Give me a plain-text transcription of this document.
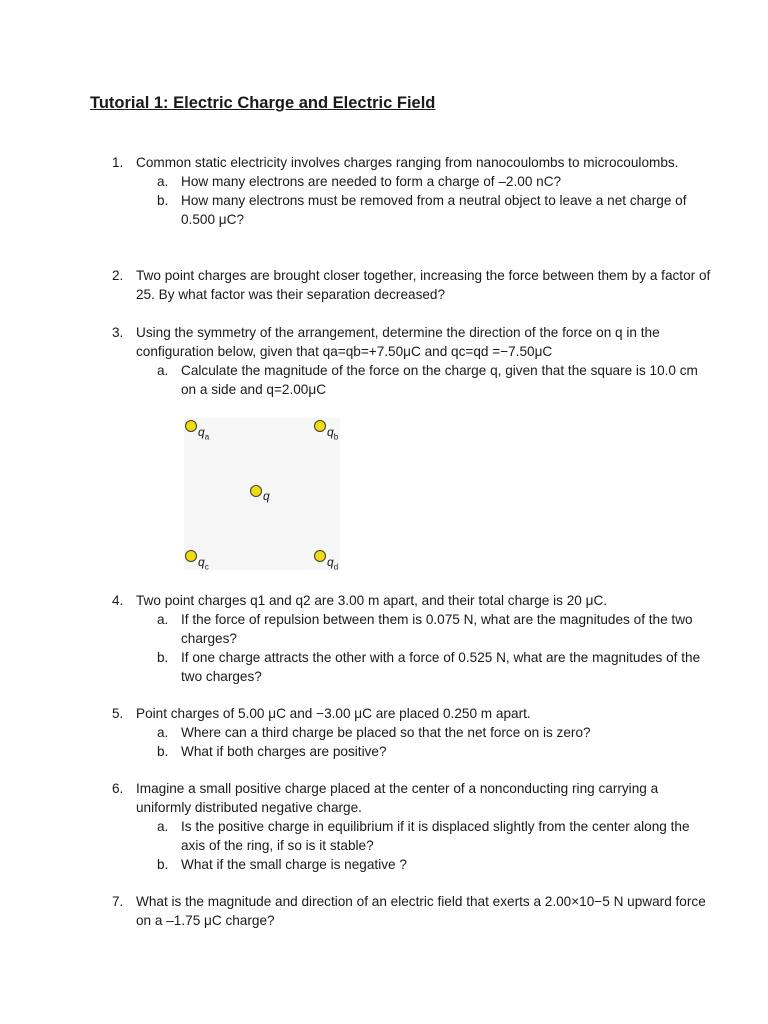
Tutorial 1: Electric Charge and Electric Field
1. Common static electricity involves charges ranging from nanocoulombs to microcoulombs.
a. How many electrons are needed to form a charge of –2.00 nC?
b. How many electrons must be removed from a neutral object to leave a net charge of 0.500 μC?
2. Two point charges are brought closer together, increasing the force between them by a factor of 25. By what factor was their separation decreased?
3. Using the symmetry of the arrangement, determine the direction of the force on q in the configuration below, given that qa=qb=+7.50μC and qc=qd =−7.50μC
a. Calculate the magnitude of the force on the charge q, given that the square is 10.0 cm on a side and q=2.00μC
$q_a$	$q_b$
q
$q_c$	$q_d$
4. Two point charges q1 and q2 are 3.00 m apart, and their total charge is 20 μC.
a. If the force of repulsion between them is 0.075 N, what are the magnitudes of the two charges?
b. If one charge attracts the other with a force of 0.525 N, what are the magnitudes of the two charges?
5. Point charges of 5.00 μC and −3.00 μC are placed 0.250 m apart.
a. Where can a third charge be placed so that the net force on is zero?
b. What if both charges are positive?
6. Imagine a small positive charge placed at the center of a nonconducting ring carrying a uniformly distributed negative charge.
a. Is the positive charge in equilibrium if it is displaced slightly from the center along the axis of the ring, if so is it stable?
b. What if the small charge is negative ?
7. What is the magnitude and direction of an electric field that exerts a 2.00×10−5 N upward force on a –1.75 μC charge?
